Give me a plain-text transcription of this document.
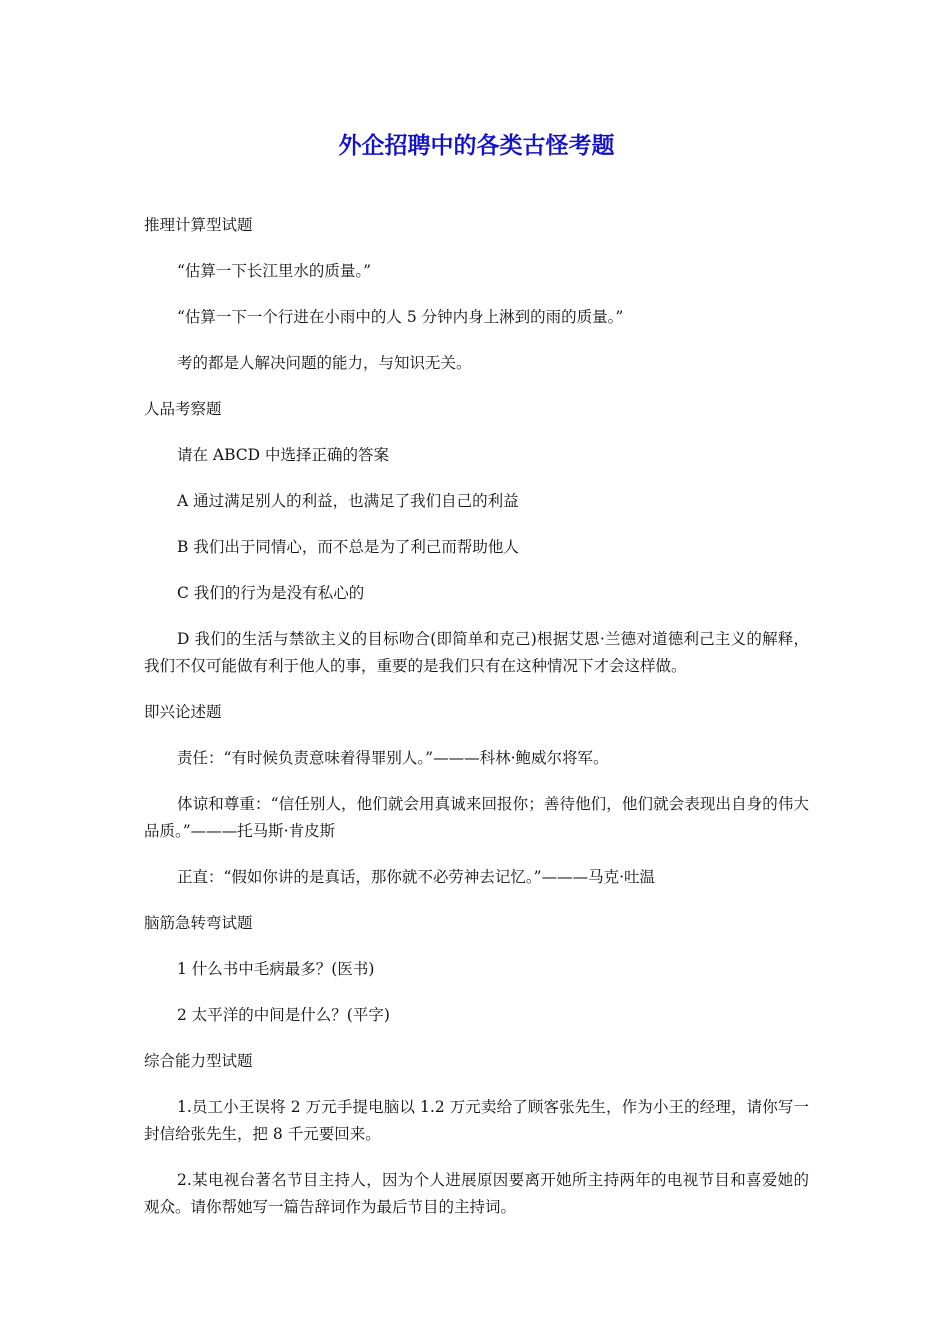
外企招聘中的各类古怪考题

推理计算型试题

“估算一下长江里水的质量。”

“估算一下一个行进在小雨中的人 5 分钟内身上淋到的雨的质量。”

考的都是人解决问题的能力，与知识无关。

人品考察题

请在 ABCD 中选择正确的答案

A 通过满足别人的利益，也满足了我们自己的利益

B 我们出于同情心，而不总是为了利己而帮助他人

C 我们的行为是没有私心的

D 我们的生活与禁欲主义的目标吻合(即简单和克己)根据艾恩·兰德对道德利己主义的解释，我们不仅可能做有利于他人的事，重要的是我们只有在这种情况下才会这样做。

即兴论述题

责任：“有时候负责意味着得罪别人。”———科林·鲍威尔将军。

体谅和尊重：“信任别人，他们就会用真诚来回报你；善待他们，他们就会表现出自身的伟大品质。”———托马斯·肯皮斯

正直：“假如你讲的是真话，那你就不必劳神去记忆。”———马克·吐温

脑筋急转弯试题

1 什么书中毛病最多？(医书)

2 太平洋的中间是什么？(平字)

综合能力型试题

1.员工小王误将 2 万元手提电脑以 1.2 万元卖给了顾客张先生，作为小王的经理，请你写一封信给张先生，把 8 千元要回来。

2.某电视台著名节目主持人，因为个人进展原因要离开她所主持两年的电视节目和喜爱她的观众。请你帮她写一篇告辞词作为最后节目的主持词。
